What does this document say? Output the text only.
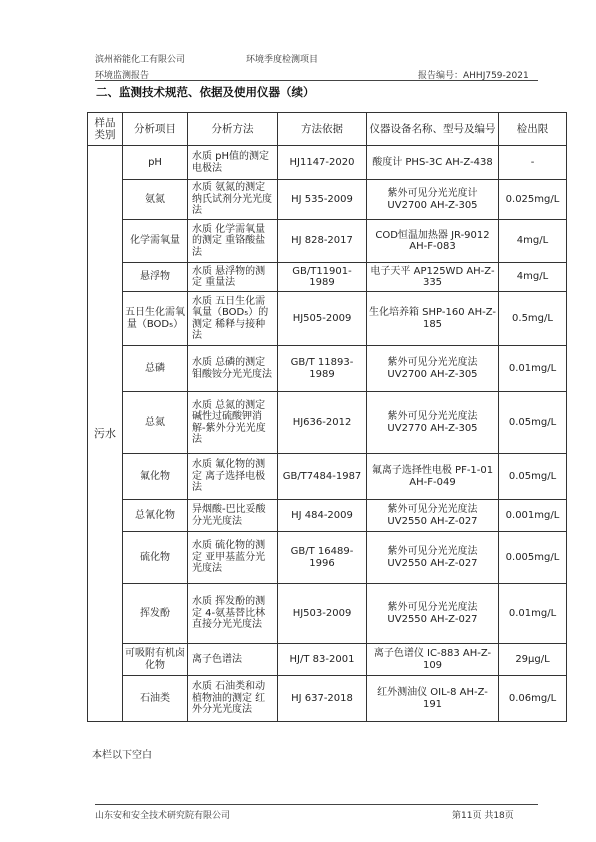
滨州裕能化工有限公司	环境季度检测项目
环境监测报告	报告编号：AHHJ759-2021
二、监测技术规范、依据及使用仪器（续）
样品类别	分析项目	分析方法	方法依据	仪器设备名称、型号及编号	检出限
污水	pH	水质 pH值的测定 电极法	HJ1147-2020	酸度计 PHS-3C AH-Z-438	-
	氨氮	水质 氨氮的测定 纳氏试剂分光光度法	HJ 535-2009	紫外可见分光光度计 UV2700 AH-Z-305	0.025mg/L
	化学需氧量	水质 化学需氧量的测定 重铬酸盐法	HJ 828-2017	COD恒温加热器 JR-9012 AH-F-083	4mg/L
	悬浮物	水质 悬浮物的测定 重量法	GB/T11901-1989	电子天平 AP125WD AH-Z-335	4mg/L
	五日生化需氧量（BOD₅）	水质 五日生化需氧量（BOD₅）的测定 稀释与接种法	HJ505-2009	生化培养箱 SHP-160 AH-Z-185	0.5mg/L
	总磷	水质 总磷的测定 钼酸铵分光光度法	GB/T 11893-1989	紫外可见分光光度法 UV2700 AH-Z-305	0.01mg/L
	总氮	水质 总氮的测定 碱性过硫酸钾消解-紫外分光光度法	HJ636-2012	紫外可见分光光度法 UV2770 AH-Z-305	0.05mg/L
	氟化物	水质 氟化物的测定 离子选择电极法	GB/T7484-1987	氟离子选择性电极 PF-1-01 AH-F-049	0.05mg/L
	总氰化物	异烟酸-巴比妥酸分光光度法	HJ 484-2009	紫外可见分光光度法 UV2550 AH-Z-027	0.001mg/L
	硫化物	水质 硫化物的测定 亚甲基蓝分光光度法	GB/T 16489-1996	紫外可见分光光度法 UV2550 AH-Z-027	0.005mg/L
	挥发酚	水质 挥发酚的测定 4-氨基替比林直接分光光度法	HJ503-2009	紫外可见分光光度法 UV2550 AH-Z-027	0.01mg/L
	可吸附有机卤化物	离子色谱法	HJ/T 83-2001	离子色谱仪 IC-883 AH-Z-109	29μg/L
	石油类	水质 石油类和动植物油的测定 红外分光光度法	HJ 637-2018	红外测油仪 OIL-8 AH-Z-191	0.06mg/L
本栏以下空白
山东安和安全技术研究院有限公司	第11页 共18页
